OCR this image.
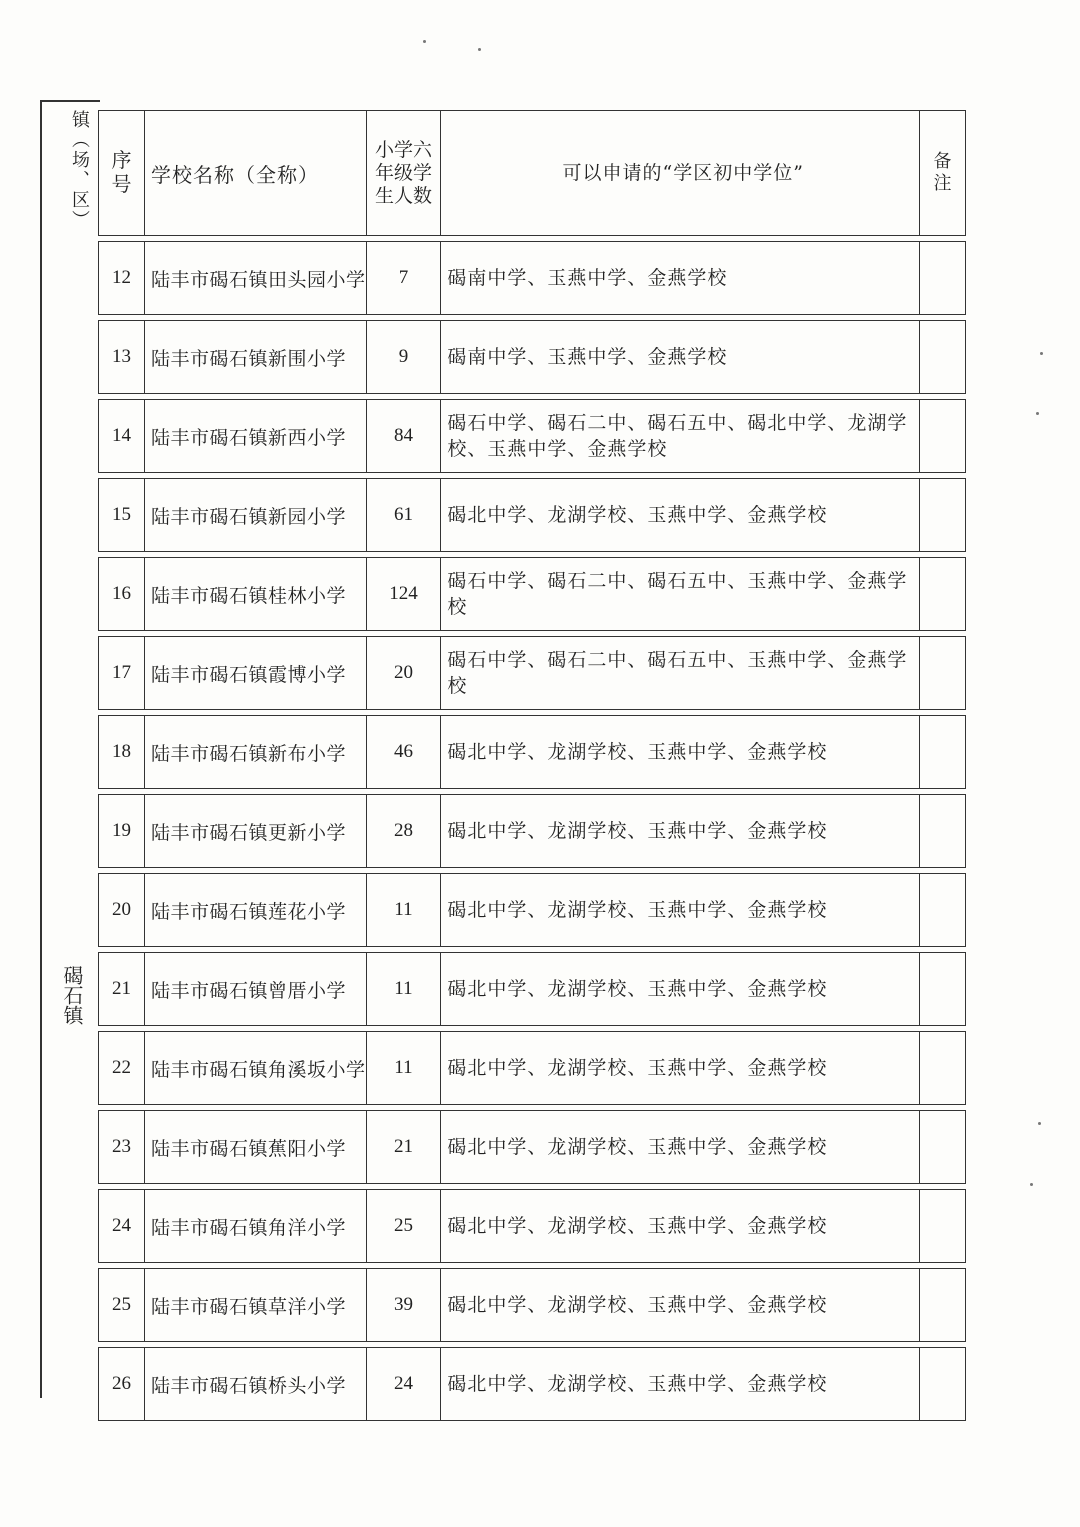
镇（场、区）
碣石镇
序号	学校名称（全称）	小学六年级学生人数	可以申请的“学区初中学位”	备注
12	陆丰市碣石镇田头园小学	7	碣南中学、玉燕中学、金燕学校	
13	陆丰市碣石镇新围小学	9	碣南中学、玉燕中学、金燕学校	
14	陆丰市碣石镇新西小学	84	碣石中学、碣石二中、碣石五中、碣北中学、龙湖学校、玉燕中学、金燕学校	
15	陆丰市碣石镇新园小学	61	碣北中学、龙湖学校、玉燕中学、金燕学校	
16	陆丰市碣石镇桂林小学	124	碣石中学、碣石二中、碣石五中、玉燕中学、金燕学校	
17	陆丰市碣石镇霞博小学	20	碣石中学、碣石二中、碣石五中、玉燕中学、金燕学校	
18	陆丰市碣石镇新布小学	46	碣北中学、龙湖学校、玉燕中学、金燕学校	
19	陆丰市碣石镇更新小学	28	碣北中学、龙湖学校、玉燕中学、金燕学校	
20	陆丰市碣石镇莲花小学	11	碣北中学、龙湖学校、玉燕中学、金燕学校	
21	陆丰市碣石镇曾厝小学	11	碣北中学、龙湖学校、玉燕中学、金燕学校	
22	陆丰市碣石镇角溪坂小学	11	碣北中学、龙湖学校、玉燕中学、金燕学校	
23	陆丰市碣石镇蕉阳小学	21	碣北中学、龙湖学校、玉燕中学、金燕学校	
24	陆丰市碣石镇角洋小学	25	碣北中学、龙湖学校、玉燕中学、金燕学校	
25	陆丰市碣石镇草洋小学	39	碣北中学、龙湖学校、玉燕中学、金燕学校	
26	陆丰市碣石镇桥头小学	24	碣北中学、龙湖学校、玉燕中学、金燕学校	
